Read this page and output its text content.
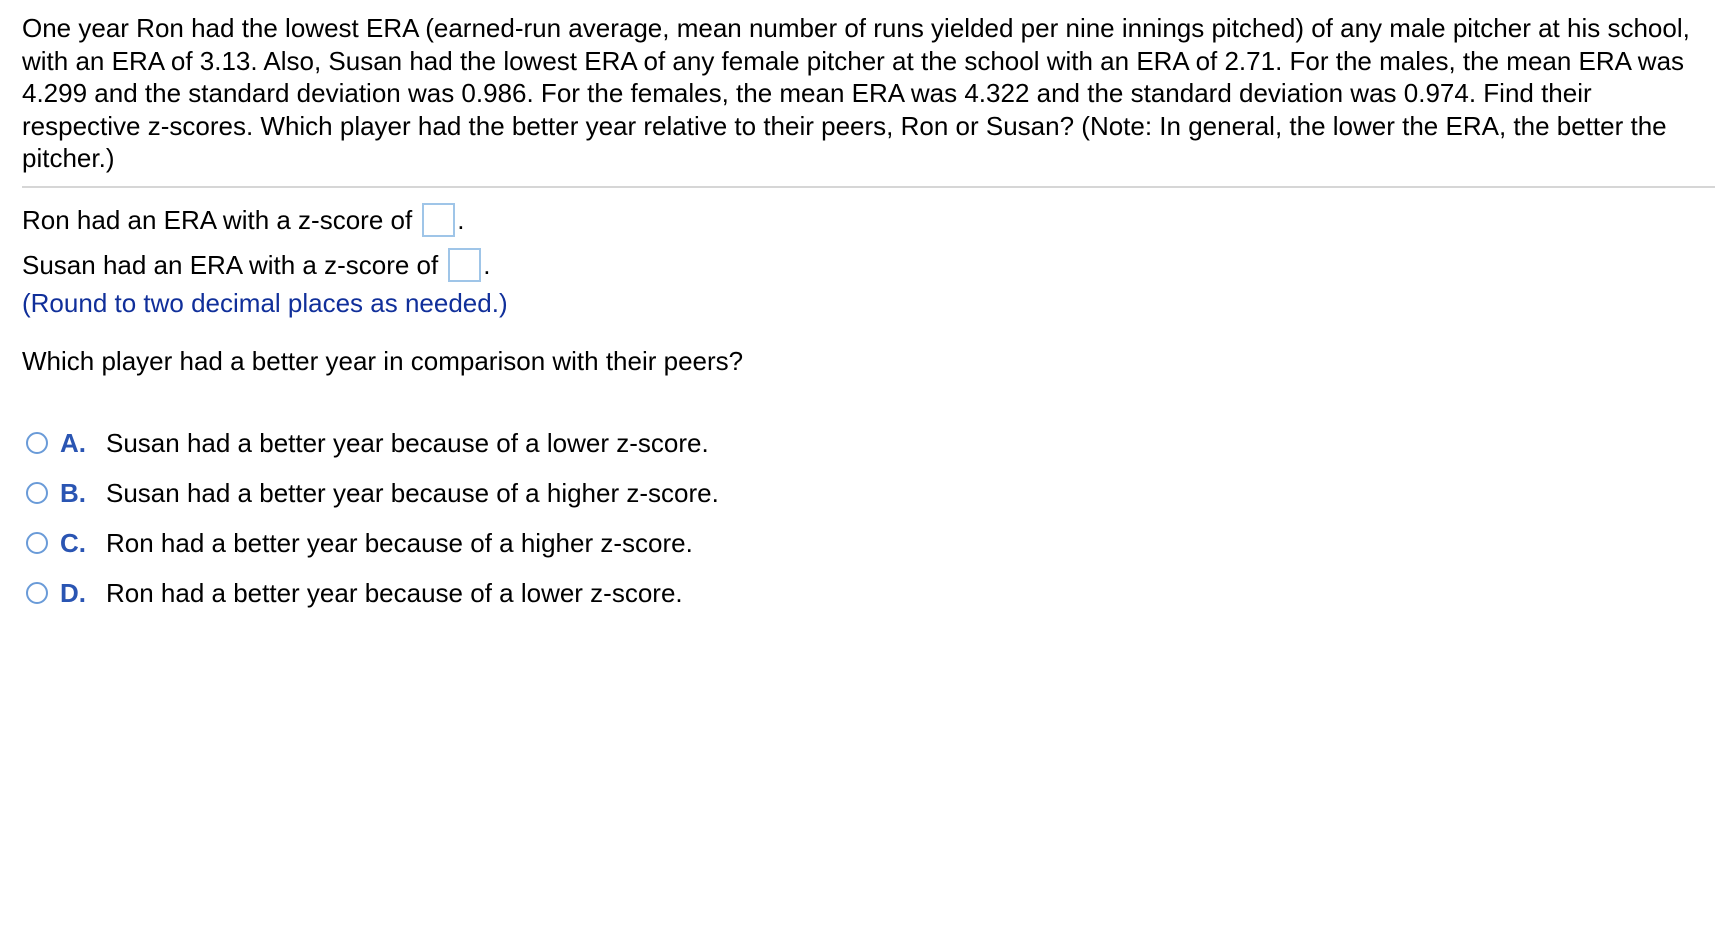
One year Ron had the lowest ERA (earned-run average, mean number of runs yielded per nine innings pitched) of any male pitcher at his school, with an ERA of 3.13. Also, Susan had the lowest ERA of any female pitcher at the school with an ERA of 2.71. For the males, the mean ERA was 4.299 and the standard deviation was 0.986. For the females, the mean ERA was 4.322 and the standard deviation was 0.974. Find their respective z-scores. Which player had the better year relative to their peers, Ron or Susan? (Note: In general, the lower the ERA, the better the pitcher.)
Ron had an ERA with a z-score of .
Susan had an ERA with a z-score of .
(Round to two decimal places as needed.)
Which player had a better year in comparison with their peers?
A. Susan had a better year because of a lower z-score.
B. Susan had a better year because of a higher z-score.
C. Ron had a better year because of a higher z-score.
D. Ron had a better year because of a lower z-score.
